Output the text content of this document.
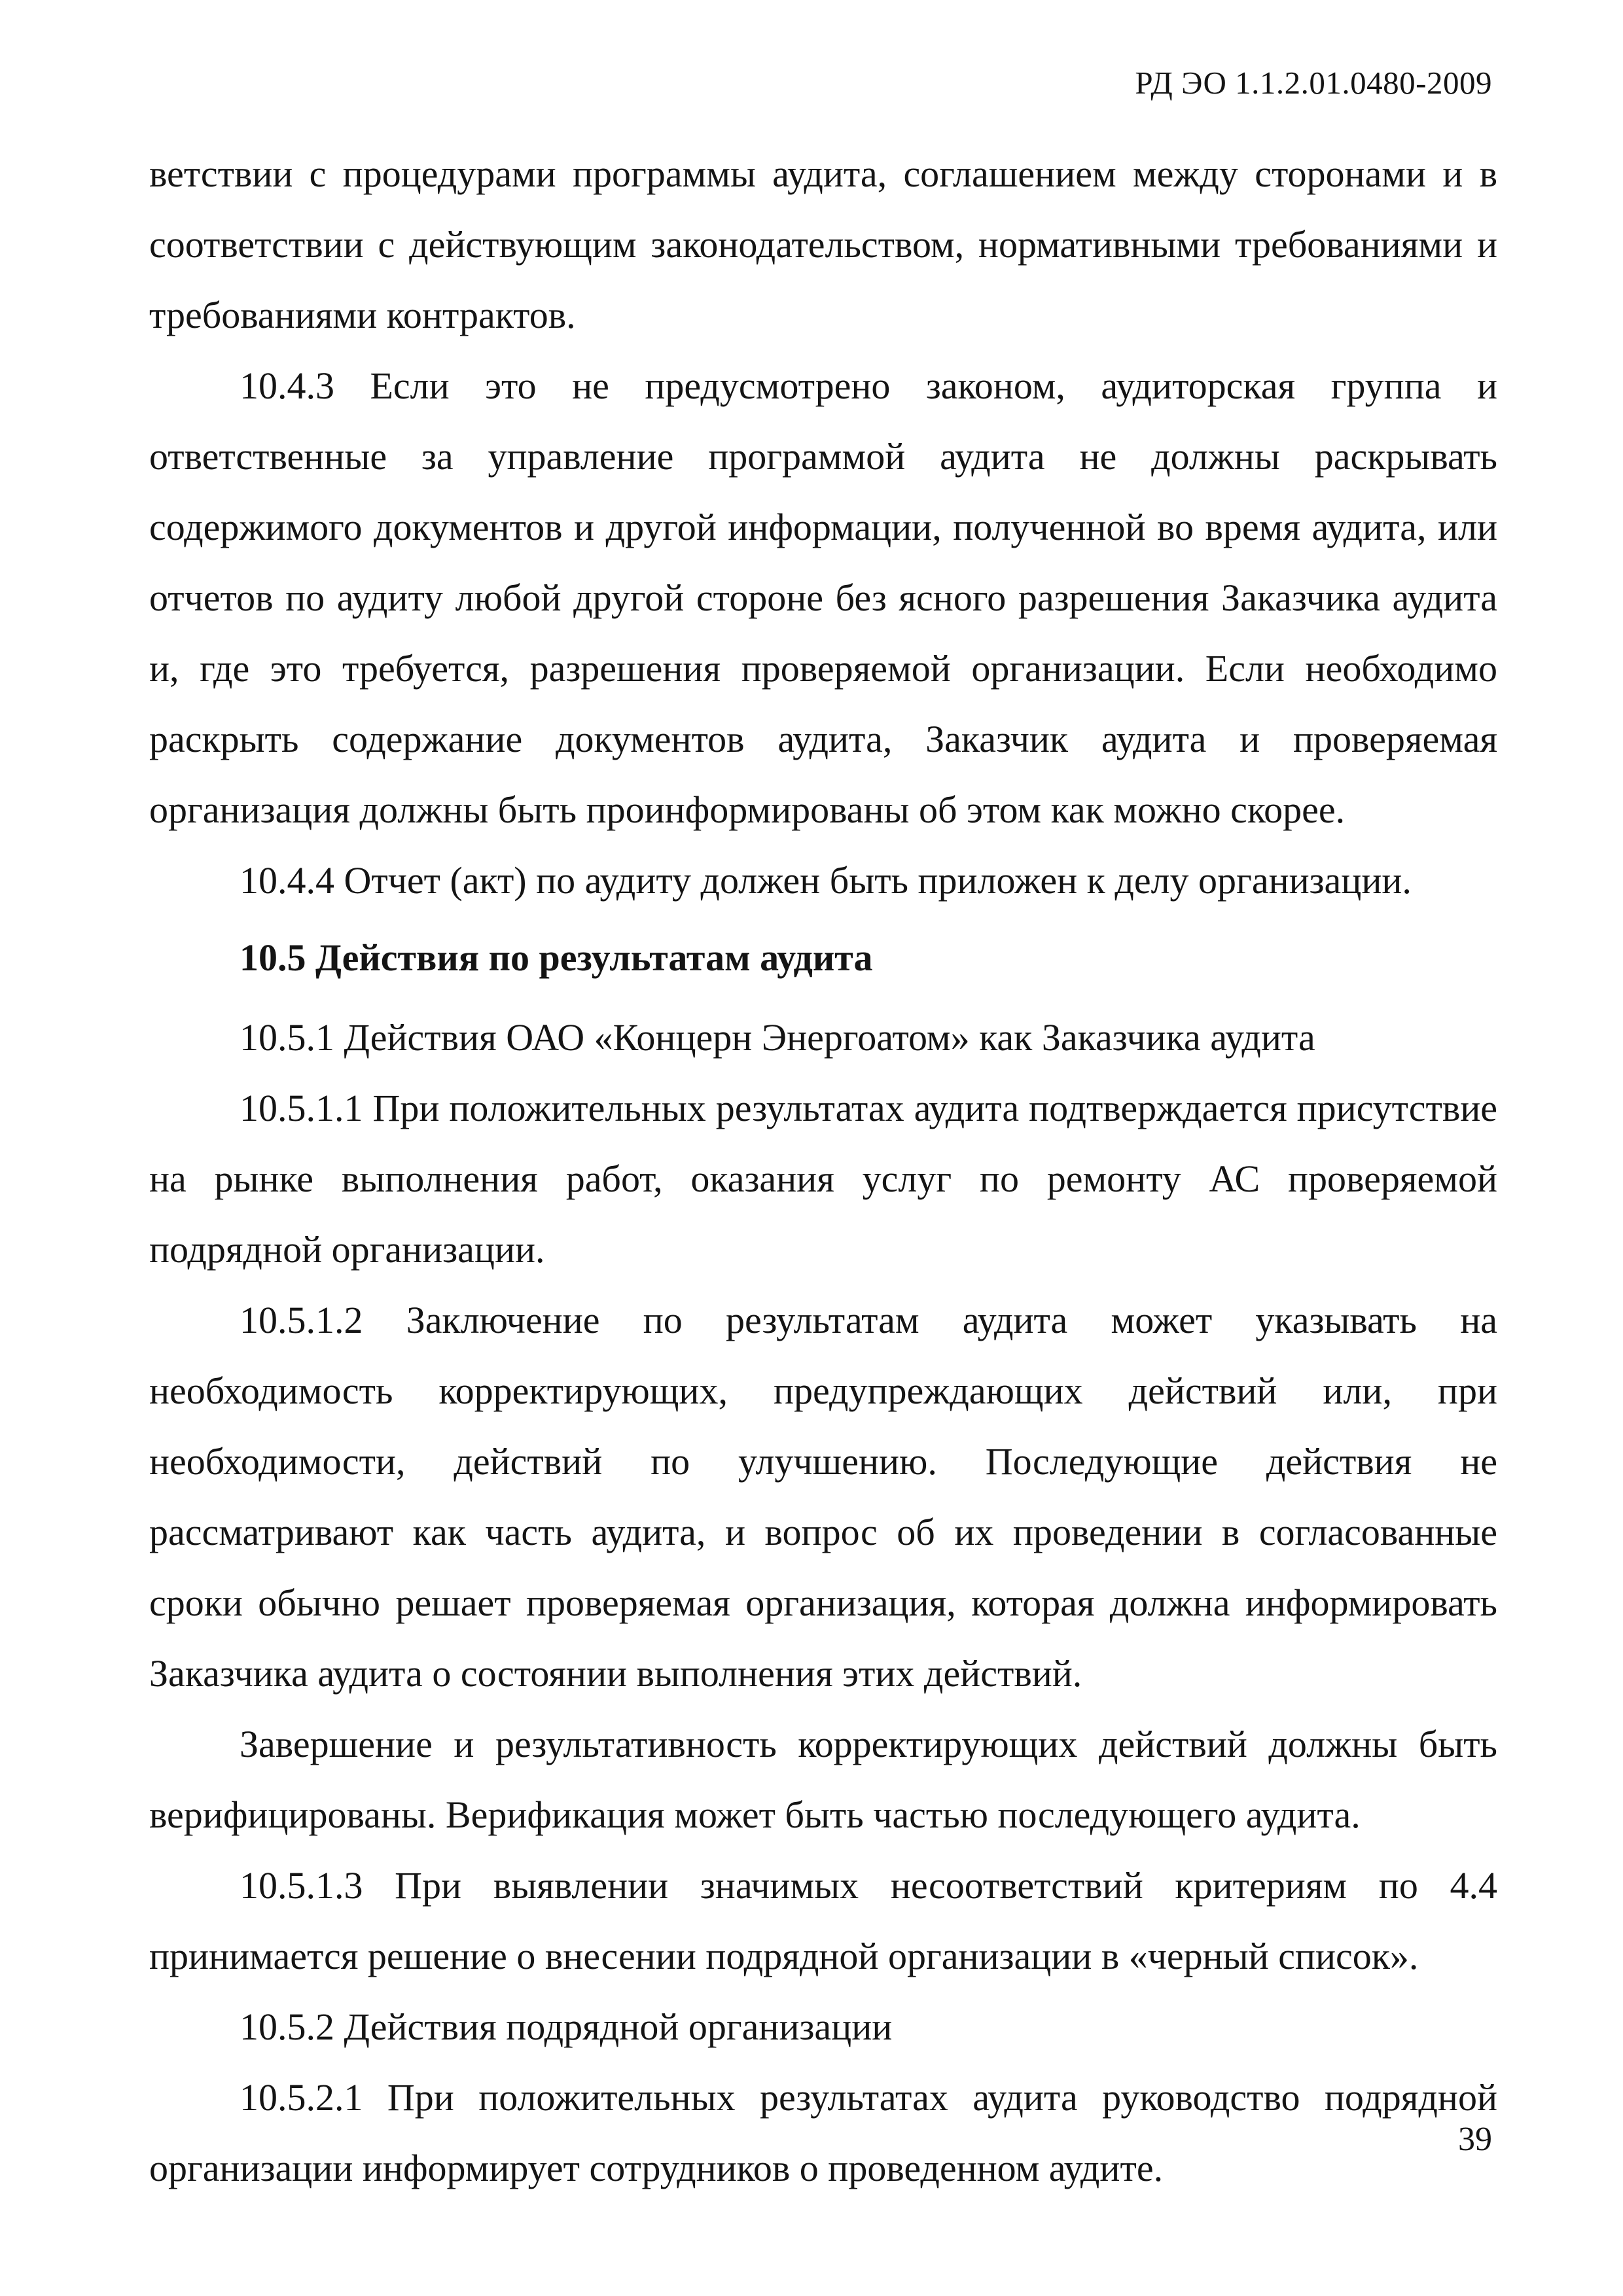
РД ЭО 1.1.2.01.0480-2009

ветствии с процедурами программы аудита, соглашением между сторонами и в соответствии с действующим законодательством, нормативными требованиями и требованиями контрактов.

10.4.3 Если это не предусмотрено законом, аудиторская группа и ответственные за управление программой аудита не должны раскрывать содержимого документов и другой информации, полученной во время аудита, или отчетов по аудиту любой другой стороне без ясного разрешения Заказчика аудита и, где это требуется, разрешения проверяемой организации. Если необходимо раскрыть содержание документов аудита, Заказчик аудита и проверяемая организация должны быть проинформированы об этом как можно скорее.

10.4.4 Отчет (акт) по аудиту должен быть приложен к делу организации.

10.5 Действия по результатам аудита

10.5.1 Действия ОАО «Концерн Энергоатом» как Заказчика аудита

10.5.1.1 При положительных результатах аудита подтверждается присутствие на рынке выполнения работ, оказания услуг по ремонту АС проверяемой подрядной организации.

10.5.1.2 Заключение по результатам аудита может указывать на необходимость корректирующих, предупреждающих действий или, при необходимости, действий по улучшению. Последующие действия не рассматривают как часть аудита, и вопрос об их проведении в согласованные сроки обычно решает проверяемая организация, которая должна информировать Заказчика аудита о состоянии выполнения этих действий.

Завершение и результативность корректирующих действий должны быть верифицированы. Верификация может быть частью последующего аудита.

10.5.1.3 При выявлении значимых несоответствий критериям по 4.4 принимается решение о внесении подрядной организации в «черный список».

10.5.2 Действия подрядной организации

10.5.2.1 При положительных результатах аудита руководство подрядной организации информирует сотрудников о проведенном аудите.

39
